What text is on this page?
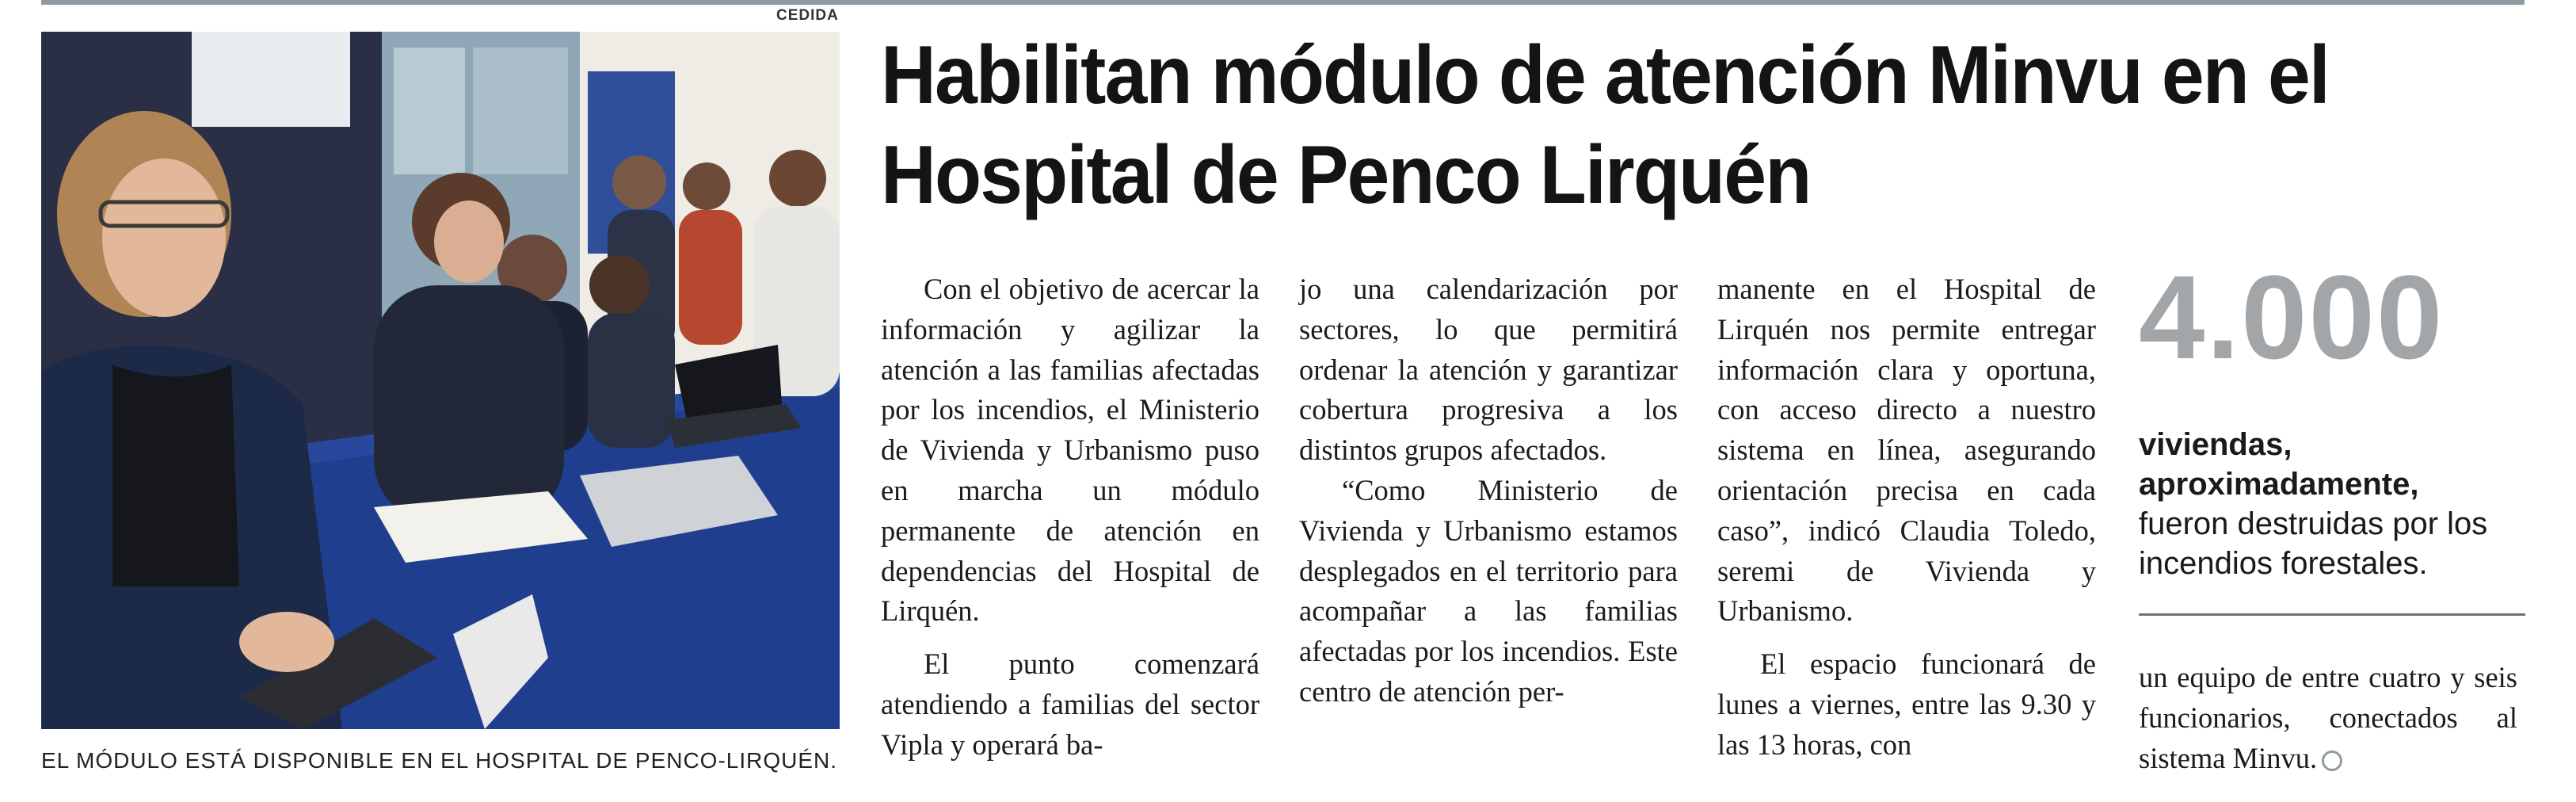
CEDIDA
EL MÓDULO ESTÁ DISPONIBLE EN EL HOSPITAL DE PENCO-LIRQUÉN.
Habilitan módulo de atención Minvu en el Hospital de Penco Lirquén

Con el objetivo de acercar la información y agilizar la atención a las familias afectadas por los incendios, el Ministerio de Vivienda y Urbanismo puso en marcha un módulo permanente de atención en dependencias del Hospital de Lirquén.

El punto comenzará atendiendo a familias del sector Vipla y operará ba-

jo una calendarización por sectores, lo que permitirá ordenar la atención y garantizar cobertura progresiva a los distintos grupos afectados.

“Como Ministerio de Vivienda y Urbanismo estamos desplegados en el territorio para acompañar a las familias afectadas por los incendios. Este centro de atención per-

manente en el Hospital de Lirquén nos permite entregar información clara y oportuna, con acceso directo a nuestro sistema en línea, asegurando orientación precisa en cada caso”, indicó Claudia Toledo, seremi de Vivienda y Urbanismo.

El espacio funcionará de lunes a viernes, entre las 9.30 y las 13 horas, con

4.000

viviendas, aproximadamente, fueron destruidas por los incendios forestales.

un equipo de entre cuatro y seis funcionarios, conectados al sistema Minvu.
